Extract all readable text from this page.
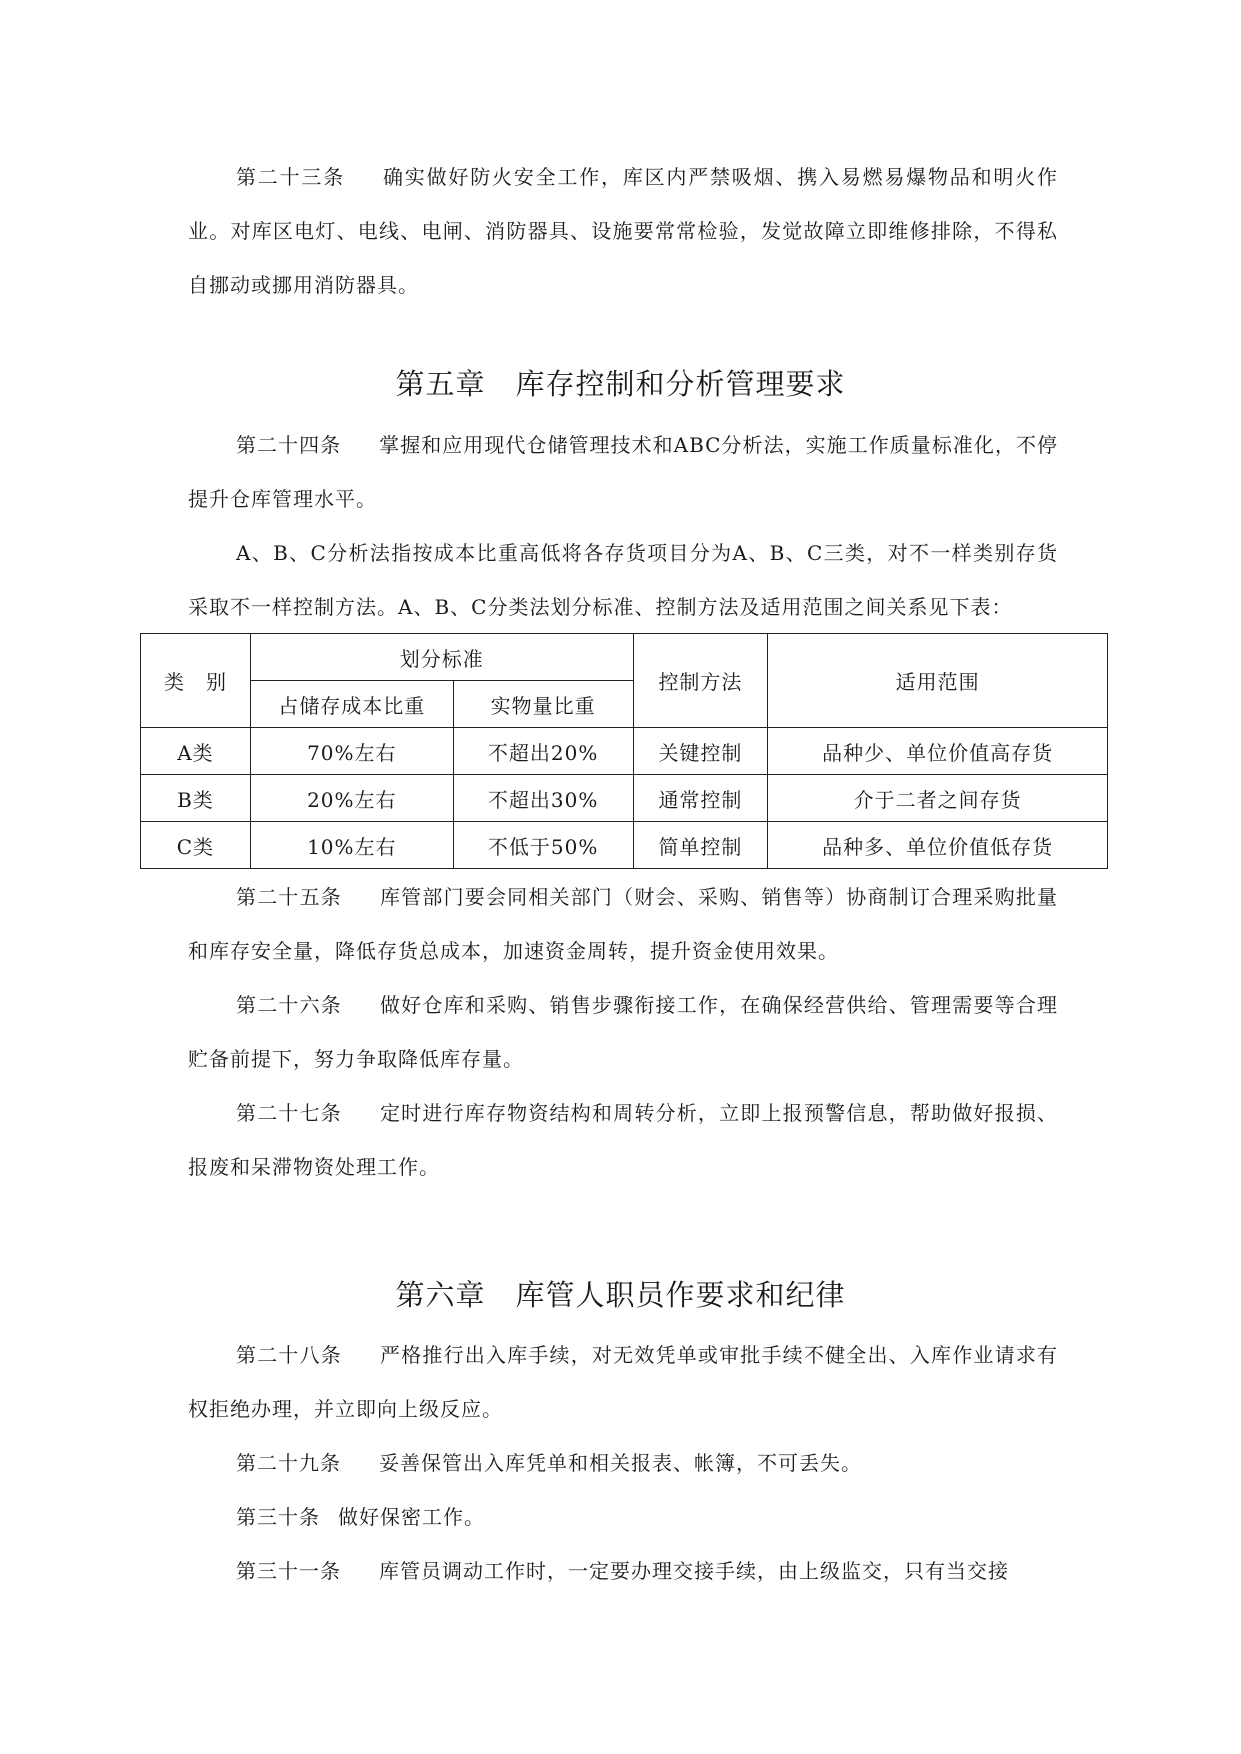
第二十三条 确实做好防火安全工作，库区内严禁吸烟、携入易燃易爆物品和明火作业。对库区电灯、电线、电闸、消防器具、设施要常常检验，发觉故障立即维修排除，不得私自挪动或挪用消防器具。

第五章 库存控制和分析管理要求

第二十四条 掌握和应用现代仓储管理技术和ABC分析法，实施工作质量标准化，不停提升仓库管理水平。

A、B、C分析法指按成本比重高低将各存货项目分为A、B、C三类，对不一样类别存货采取不一样控制方法。A、B、C分类法划分标准、控制方法及适用范围之间关系见下表：

类　别	划分标准		控制方法	适用范围
	占储存成本比重	实物量比重		
A类	70%左右	不超出20%	关键控制	品种少、单位价值高存货
B类	20%左右	不超出30%	通常控制	介于二者之间存货
C类	10%左右	不低于50%	简单控制	品种多、单位价值低存货

第二十五条 库管部门要会同相关部门（财会、采购、销售等）协商制订合理采购批量和库存安全量，降低存货总成本，加速资金周转，提升资金使用效果。

第二十六条 做好仓库和采购、销售步骤衔接工作，在确保经营供给、管理需要等合理贮备前提下，努力争取降低库存量。

第二十七条 定时进行库存物资结构和周转分析，立即上报预警信息，帮助做好报损、报废和呆滞物资处理工作。

第六章 库管人职员作要求和纪律

第二十八条 严格推行出入库手续，对无效凭单或审批手续不健全出、入库作业请求有权拒绝办理，并立即向上级反应。

第二十九条 妥善保管出入库凭单和相关报表、帐簿，不可丢失。

第三十条 做好保密工作。

第三十一条 库管员调动工作时，一定要办理交接手续，由上级监交，只有当交接
